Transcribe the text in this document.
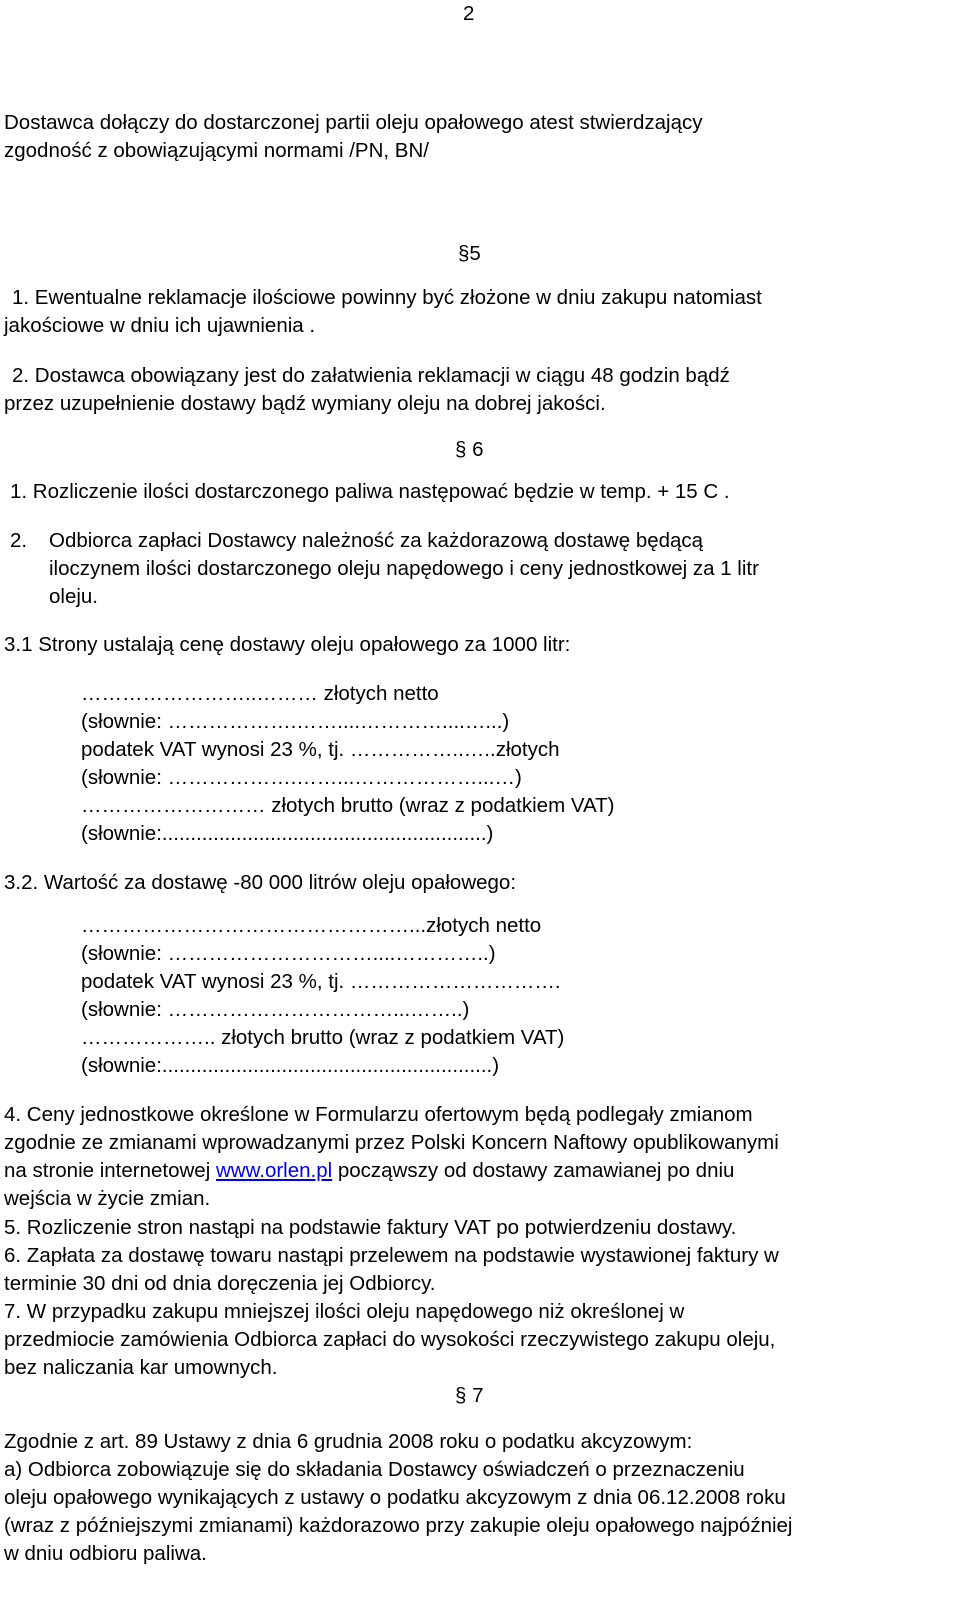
2
Dostawca dołączy do dostarczonej partii oleju opałowego atest stwierdzający
zgodność z obowiązującymi normami /PN, BN/
§5
1. Ewentualne reklamacje ilościowe powinny być złożone w dniu zakupu natomiast
jakościowe w dniu ich ujawnienia .
2. Dostawca obowiązany jest do załatwienia reklamacji w ciągu 48 godzin bądź
przez uzupełnienie dostawy bądź wymiany oleju na dobrej jakości.
§ 6
1. Rozliczenie ilości dostarczonego paliwa następować będzie w temp. + 15 C .
2. Odbiorca zapłaci Dostawcy należność za każdorazową dostawę będącą
iloczynem ilości dostarczonego oleju napędowego i ceny jednostkowej za 1 litr
oleju.
3.1 Strony ustalają cenę dostawy oleju opałowego za 1000 litr:
……………………..……… złotych netto
(słownie: ……………….……....…………....…...)
podatek VAT wynosi 23 %, tj. ……………..…..złotych
(słownie: ……………….……...………………...…)
……………………… złotych brutto (wraz z podatkiem VAT)
(słownie:.........................................................)
3.2. Wartość za dostawę -80 000 litrów oleju opałowego:
…………………………………………...złotych netto
(słownie: …………………………....…………..)
podatek VAT wynosi 23 %, tj. ………………………….
(słownie: ……………………………...……..)
……………….. złotych brutto (wraz z podatkiem VAT)
(słownie:..........................................................)
4. Ceny jednostkowe określone w Formularzu ofertowym będą podlegały zmianom
zgodnie ze zmianami wprowadzanymi przez Polski Koncern Naftowy opublikowanymi
na stronie internetowej www.orlen.pl począwszy od dostawy zamawianej po dniu
wejścia w życie zmian.
5. Rozliczenie stron nastąpi na podstawie faktury VAT po potwierdzeniu dostawy.
6. Zapłata za dostawę towaru nastąpi przelewem na podstawie wystawionej faktury w
terminie 30 dni od dnia doręczenia jej Odbiorcy.
7. W przypadku zakupu mniejszej ilości oleju napędowego niż określonej w
przedmiocie zamówienia Odbiorca zapłaci do wysokości rzeczywistego zakupu oleju,
bez naliczania kar umownych.
§ 7
Zgodnie z art. 89 Ustawy z dnia 6 grudnia 2008 roku o podatku akcyzowym:
a) Odbiorca zobowiązuje się do składania Dostawcy oświadczeń o przeznaczeniu
oleju opałowego wynikających z ustawy o podatku akcyzowym z dnia 06.12.2008 roku
(wraz z późniejszymi zmianami) każdorazowo przy zakupie oleju opałowego najpóźniej
w dniu odbioru paliwa.
